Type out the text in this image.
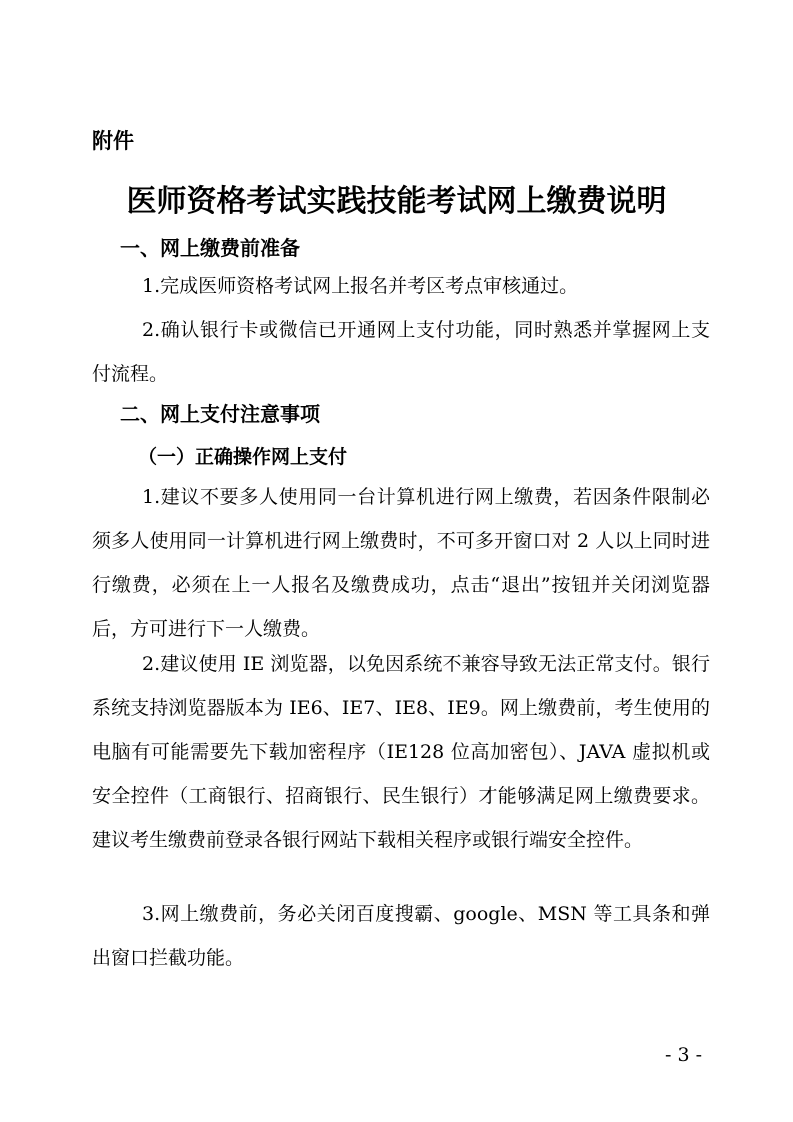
附件
医师资格考试实践技能考试网上缴费说明
一、网上缴费前准备
1.完成医师资格考试网上报名并考区考点审核通过。
2.确认银行卡或微信已开通网上支付功能，同时熟悉并掌握网上支付流程。
二、网上支付注意事项
（一）正确操作网上支付
1.建议不要多人使用同一台计算机进行网上缴费，若因条件限制必须多人使用同一计算机进行网上缴费时，不可多开窗口对 2 人以上同时进行缴费，必须在上一人报名及缴费成功，点击“退出”按钮并关闭浏览器后，方可进行下一人缴费。
2.建议使用 IE 浏览器，以免因系统不兼容导致无法正常支付。银行系统支持浏览器版本为 IE6、IE7、IE8、IE9。网上缴费前，考生使用的电脑有可能需要先下载加密程序（IE128 位高加密包）、JAVA 虚拟机或安全控件（工商银行、招商银行、民生银行）才能够满足网上缴费要求。建议考生缴费前登录各银行网站下载相关程序或银行端安全控件。
3.网上缴费前，务必关闭百度搜霸、google、MSN 等工具条和弹出窗口拦截功能。
- 3 -
